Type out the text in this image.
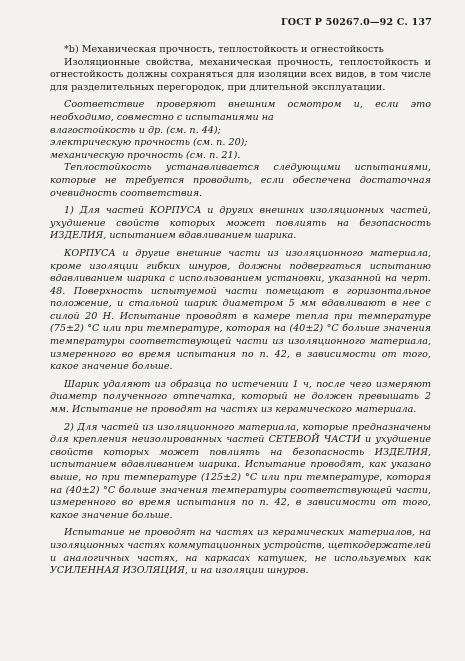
ГОСТ Р 50267.0—92 С. 137

*b) Механическая прочность, теплостойкость и огнестойкость

Изоляционные свойства, механическая прочность, теплостойкость и огнестойкость должны сохраняться для изоляции всех видов, в том числе для разделительных перегородок, при длительной эксплуатации.

Соответствие проверяют внешним осмотром и, если это необходимо, совместно с испытаниями на

влагостойкость и др. (см. п. 44);

электрическую прочность (см. п. 20);

механическую прочность (см. п. 21).

Теплостойкость устанавливается следующими испытаниями, которые не требуется проводить, если обеспечена достаточная очевидность соответствия.

1) Для частей КОРПУСА и других внешних изоляционных частей, ухудшение свойств которых может повлиять на безопасность ИЗДЕЛИЯ, испытанием вдавливанием шарика.

КОРПУСА и другие внешние части из изоляционного материала, кроме изоляции гибких шнуров, должны подвергаться испытанию вдавливанием шарика с использованием установки, указанной на черт. 48. Поверхность испытуемой части помещают в горизонтальное положение, и стальной шарик диаметром 5 мм вдавливают в нее с силой 20 Н. Испытание проводят в камере тепла при температуре (75±2) °С или при температуре, которая на (40±2) °С больше значения температуры соответствующей части из изоляционного материала, измеренного во время испытания по п. 42, в зависимости от того, какое значение больше.

Шарик удаляют из образца по истечении 1 ч, после чего измеряют диаметр полученного отпечатка, который не должен превышать 2 мм. Испытание не проводят на частях из керамического материала.

2) Для частей из изоляционного материала, которые предназначены для крепления неизолированных частей СЕТЕВОЙ ЧАСТИ и ухудшение свойств которых может повлиять на безопасность ИЗДЕЛИЯ, испытанием вдавливанием шарика. Испытание проводят, как указано выше, но при температуре (125±2) °С или при температуре, которая на (40±2) °С больше значения температуры соответствующей части, измеренного во время испытания по п. 42, в зависимости от того, какое значение больше.

Испытание не проводят на частях из керамических материалов, на изоляционных частях коммутационных устройств, щеткодержателей и аналогичных частях, на каркасах катушек, не используемых как УСИЛЕННАЯ ИЗОЛЯЦИЯ, и на изоляции шнуров.
